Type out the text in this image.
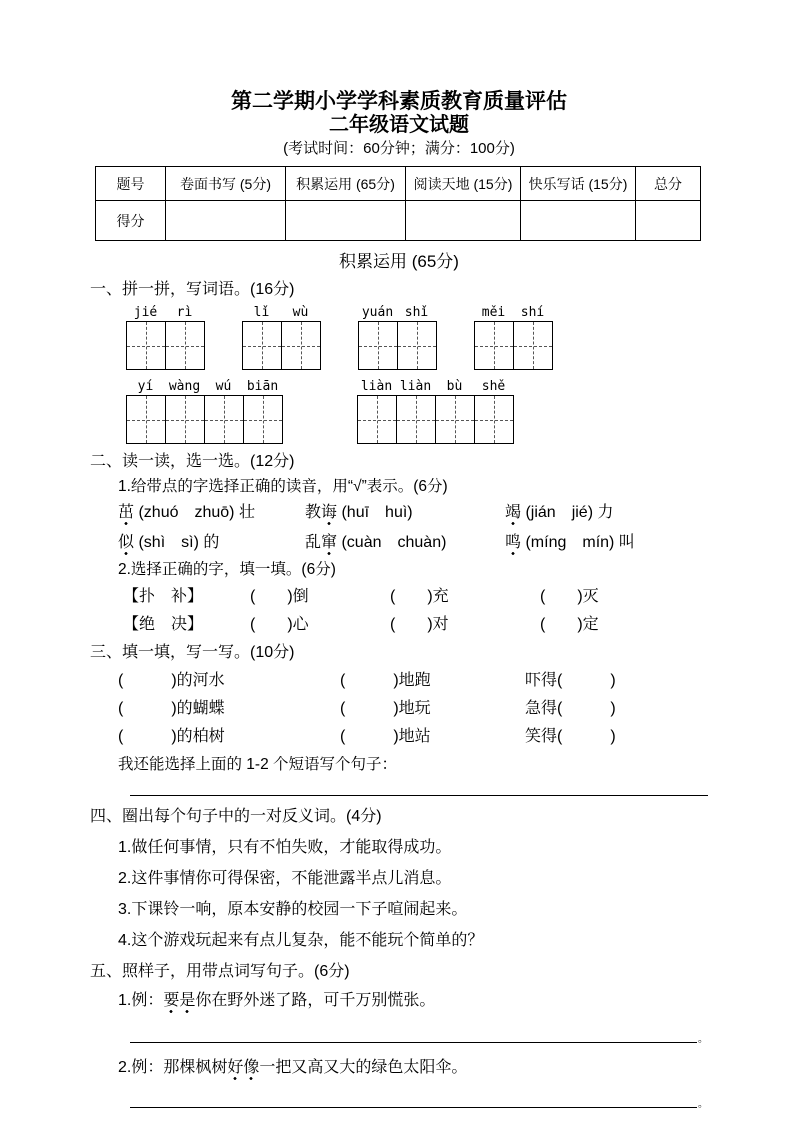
第二学期小学学科素质教育质量评估
二年级语文试题
(考试时间：60分钟；满分：100分)
题号	卷面书写 (5分)	积累运用 (65分)	阅读天地 (15分)	快乐写话 (15分)	总分
得分					
积累运用 (65分)
一、拼一拼，写词语。(16分)
jié	rì	lǐ	wù	yuán shǐ	měi	shí
yí	wàng	wú	biān	liàn liàn	bù	shě
二、读一读，选一选。(12分)
1.给带点的字选择正确的读音，用“√”表示。(6分)
茁 (zhuó　zhuō) 壮	教诲 (huī　huì)	竭 (jián　jié) 力
似 (shì　sì) 的	乱窜 (cuàn　chuàn)	鸣 (míng　mín) 叫
2.选择正确的字，填一填。(6分)
【扑　补】	(　　)倒	(　　)充	(　　)灭
【绝　决】	(　　)心	(　　)对	(　　)定
三、填一填，写一写。(10分)
(　　　)的河水	(　　　)地跑	吓得(　　　)
(　　　)的蝴蝶	(　　　)地玩	急得(　　　)
(　　　)的柏树	(　　　)地站	笑得(　　　)
我还能选择上面的 1-2 个短语写个句子：
四、圈出每个句子中的一对反义词。(4分)
1.做任何事情，只有不怕失败，才能取得成功。
2.这件事情你可得保密，不能泄露半点儿消息。
3.下课铃一响，原本安静的校园一下子喧闹起来。
4.这个游戏玩起来有点儿复杂，能不能玩个简单的？
五、照样子，用带点词写句子。(6分)
1.例：要是你在野外迷了路，可千万别慌张。
。
2.例：那棵枫树好像一把又高又大的绿色太阳伞。
。
